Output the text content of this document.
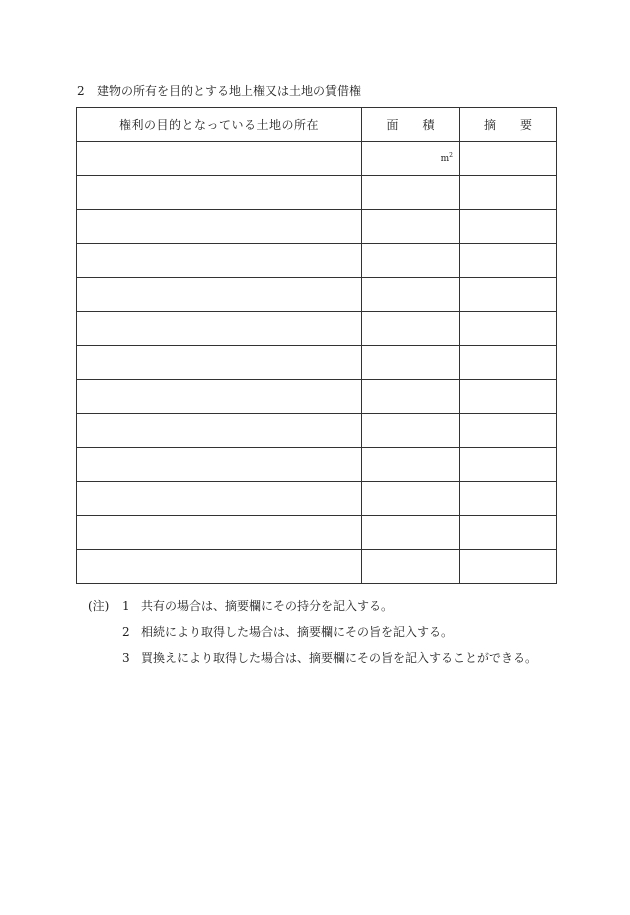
2 建物の所有を目的とする地上権又は土地の賃借権
権利の目的となっている土地の所在	面　　積	摘　　要

	$m^2$

(注) 1 共有の場合は、摘要欄にその持分を記入する。
2 相続により取得した場合は、摘要欄にその旨を記入する。
3 買換えにより取得した場合は、摘要欄にその旨を記入することができる。
